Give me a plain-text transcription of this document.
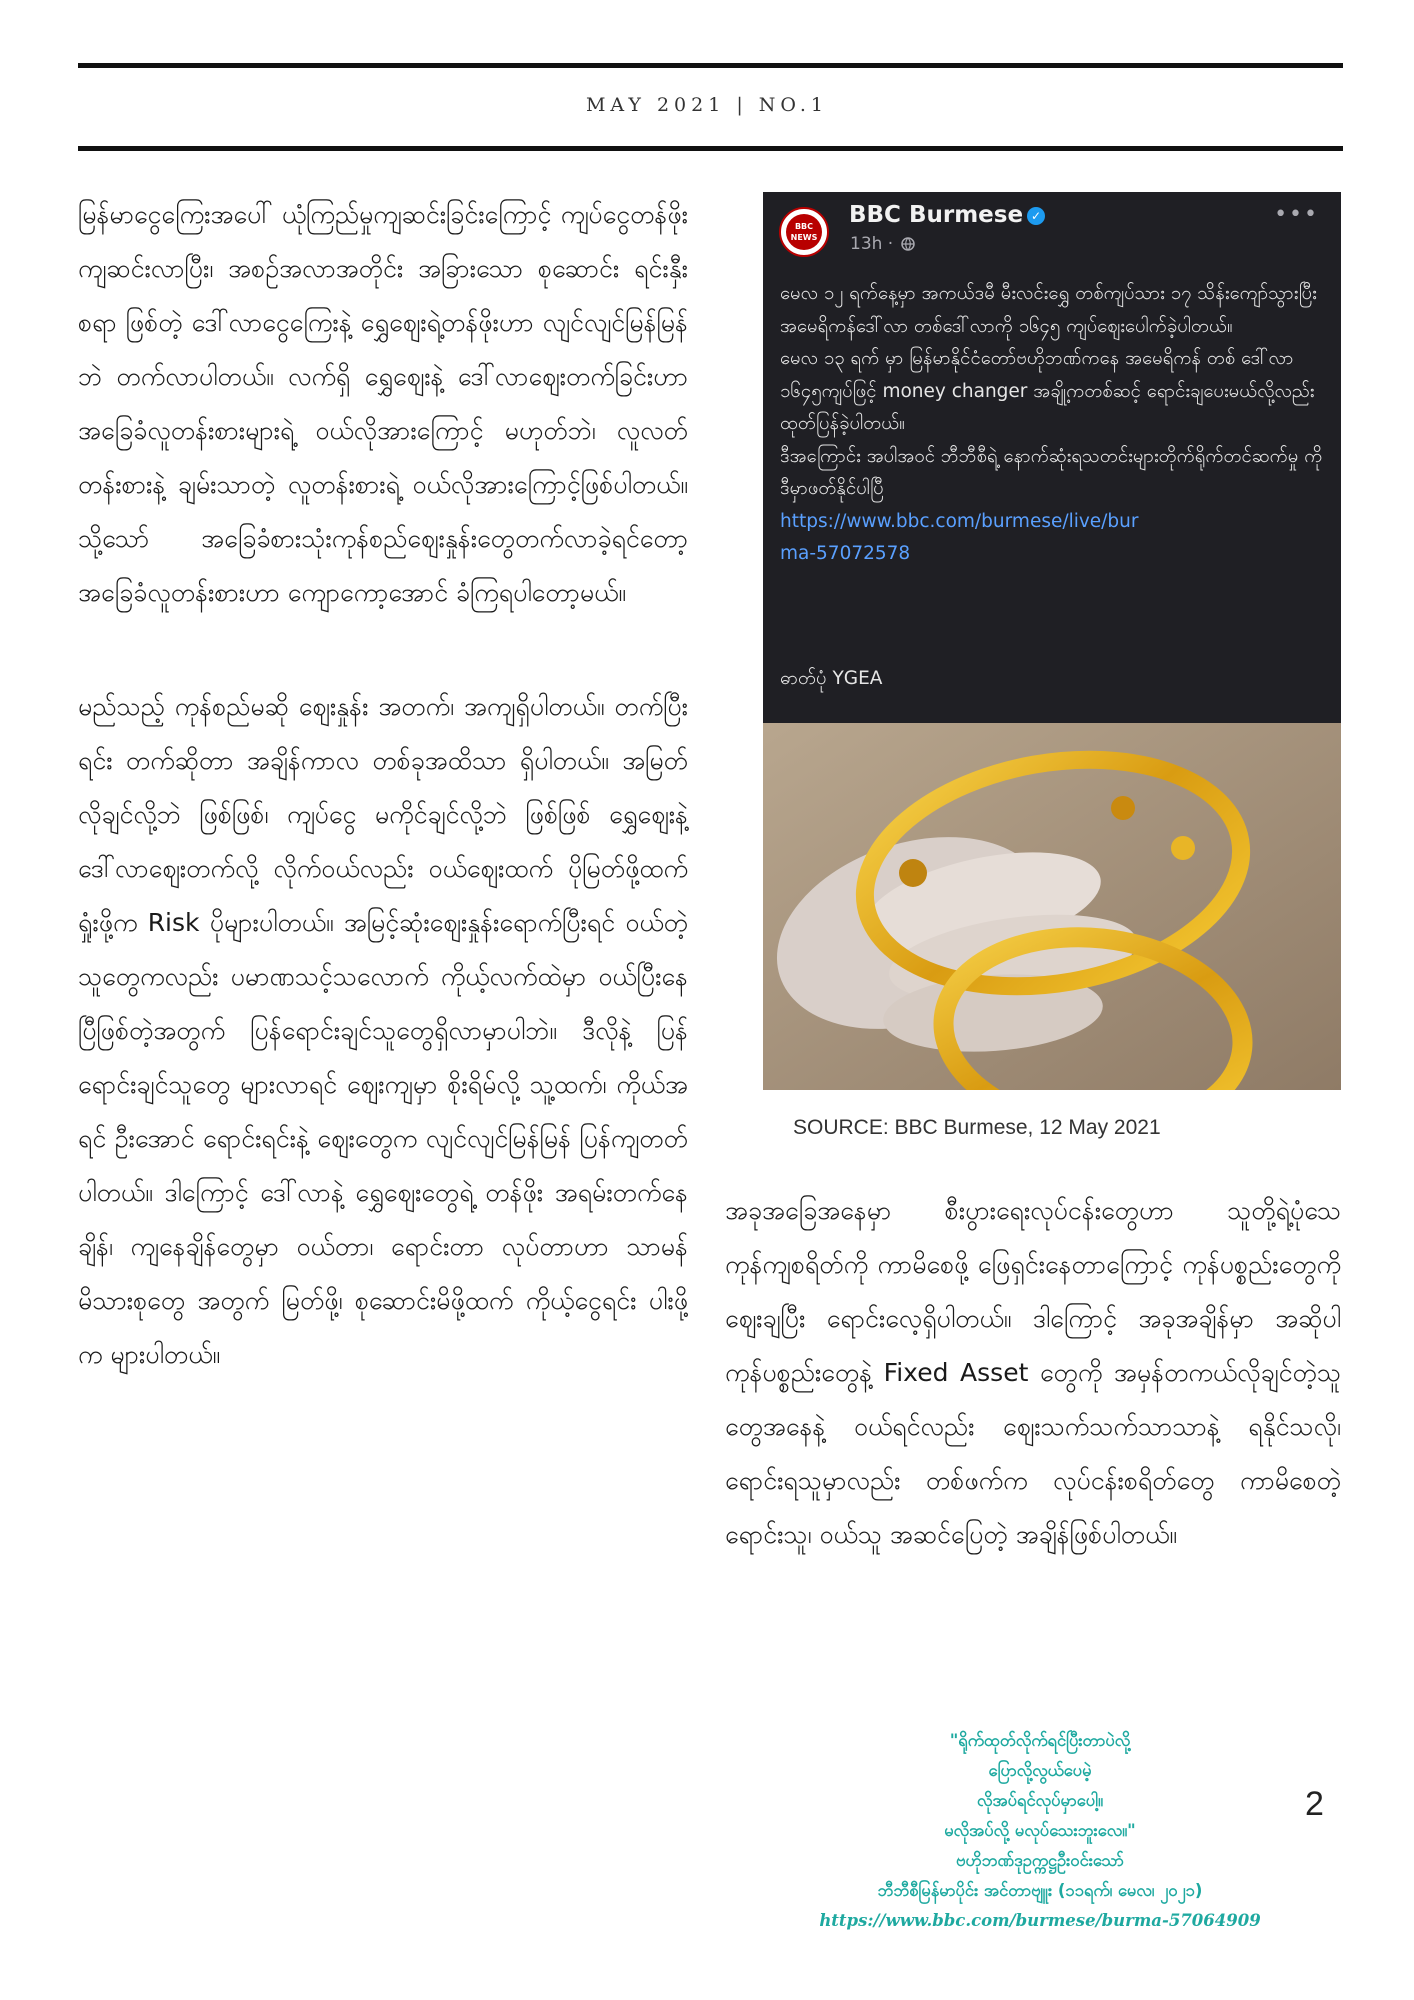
MAY 2021 | NO.1

မြန်မာငွေကြေးအပေါ် ယုံကြည်မှုကျဆင်းခြင်းကြောင့် ကျပ်ငွေတန်ဖိုး ကျဆင်းလာပြီး၊ အစဉ်အလာအတိုင်း အခြားသော စုဆောင်း ရင်းနှီးစရာ ဖြစ်တဲ့ ဒေါ်လာငွေကြေးနဲ့ ရွှေဈေးရဲ့တန်ဖိုးဟာ လျင်လျင်မြန်မြန်ဘဲ တက်လာပါတယ်။ လက်ရှိ ရွှေဈေးနဲ့ ဒေါ်လာဈေးတက်ခြင်းဟာ အခြေခံလူတန်းစားများရဲ့ ဝယ်လိုအားကြောင့် မဟုတ်ဘဲ၊ လူလတ်တန်းစားနဲ့ ချမ်းသာတဲ့ လူတန်းစားရဲ့ ဝယ်လိုအားကြောင့်ဖြစ်ပါတယ်။ သို့သော် အခြေခံစားသုံးကုန်စည်ဈေးနှုန်းတွေတက်လာခဲ့ရင်တော့ အခြေခံလူတန်းစားဟာ ကျောကော့အောင် ခံကြရပါတော့မယ်။

မည်သည့် ကုန်စည်မဆို ဈေးနှုန်း အတက်၊ အကျရှိပါတယ်။ တက်ပြီးရင်း တက်ဆိုတာ အချိန်ကာလ တစ်ခုအထိသာ ရှိပါတယ်။ အမြတ်လိုချင်လို့ဘဲ ဖြစ်ဖြစ်၊ ကျပ်ငွေ မကိုင်ချင်လို့ဘဲ ဖြစ်ဖြစ် ရွှေဈေးနဲ့ ဒေါ်လာဈေးတက်လို့ လိုက်ဝယ်လည်း ဝယ်ဈေးထက် ပိုမြတ်ဖို့ထက် ရှုံးဖို့က Risk ပိုများပါတယ်။ အမြင့်ဆုံးဈေးနှုန်းရောက်ပြီးရင် ဝယ်တဲ့သူတွေကလည်း ပမာဏသင့်သလောက် ကိုယ့်လက်ထဲမှာ ဝယ်ပြီးနေပြီဖြစ်တဲ့အတွက် ပြန်ရောင်းချင်သူတွေရှိလာမှာပါဘဲ။ ဒီလိုနဲ့ ပြန်ရောင်းချင်သူတွေ များလာရင် ဈေးကျမှာ စိုးရိမ်လို့ သူ့ထက်၊ ကိုယ်အရင် ဦးအောင် ရောင်းရင်းနဲ့ ဈေးတွေက လျင်လျင်မြန်မြန် ပြန်ကျတတ်ပါတယ်။ ဒါကြောင့် ဒေါ်လာနဲ့ ရွှေဈေးတွေရဲ့ တန်ဖိုး အရမ်းတက်နေချိန်၊ ကျနေချိန်တွေမှာ ဝယ်တာ၊ ရောင်းတာ လုပ်တာဟာ သာမန်မိသားစုတွေ အတွက် မြတ်ဖို့၊ စုဆောင်းမိဖို့ထက် ကိုယ့်ငွေရင်း ပါးဖို့က များပါတယ်။

BBC
NEWS
BBC Burmese ✓
13h ·
•••
မေလ ၁၂ ရက်နေ့မှာ အကယ်ဒမီ မီးလင်းရွှေ တစ်ကျပ်သား ၁၇ သိန်းကျော်သွားပြီး အမေရိကန်ဒေါ်လာ တစ်ဒေါ်လာကို ၁၆၄၅ ကျပ်ဈေးပေါက်ခဲ့ပါတယ်။
မေလ ၁၃ ရက် မှာ မြန်မာနိုင်ငံတော်ဗဟိုဘဏ်ကနေ အမေရိကန် တစ် ဒေါ်လာ ၁၆၄၅ကျပ်ဖြင့် money changer အချို့ကတစ်ဆင့် ရောင်းချပေးမယ်လို့လည်း ထုတ်ပြန်ခဲ့ပါတယ်။
ဒီအကြောင်း အပါအဝင် ဘီဘီစီရဲ့ နောက်ဆုံးရသတင်းများတိုက်ရိုက်တင်ဆက်မှု ကိုဒီမှာဖတ်နိုင်ပါပြီ
https://www.bbc.com/burmese/live/burma-57072578
ဓာတ်ပုံ YGEA
SOURCE: BBC Burmese, 12 May 2021

အခုအခြေအနေမှာ စီးပွားရေးလုပ်ငန်းတွေဟာ သူတို့ရဲ့ပုံသေကုန်ကျစရိတ်ကို ကာမိစေဖို့ ဖြေရှင်းနေတာကြောင့် ကုန်ပစ္စည်းတွေကို ဈေးချပြီး ရောင်းလေ့ရှိပါတယ်။ ဒါကြောင့် အခုအချိန်မှာ အဆိုပါ ကုန်ပစ္စည်းတွေနဲ့ Fixed Asset တွေကို အမှန်တကယ်လိုချင်တဲ့သူတွေအနေနဲ့ ဝယ်ရင်လည်း ဈေးသက်သက်သာသာနဲ့ ရနိုင်သလို၊ ရောင်းရသူမှာလည်း တစ်ဖက်က လုပ်ငန်းစရိတ်တွေ ကာမိစေတဲ့ ရောင်းသူ၊ ဝယ်သူ အဆင်ပြေတဲ့ အချိန်ဖြစ်ပါတယ်။

"ရိုက်ထုတ်လိုက်ရင်ပြီးတာပဲလို့
ပြောလို့လွယ်ပေမဲ့
လိုအပ်ရင်လုပ်မှာပေါ့။
မလိုအပ်လို့ မလုပ်သေးဘူးလေ။"
ဗဟိုဘဏ်ဒုဥက္ကဋ္ဌဦးဝင်းသော်
ဘီဘီစီမြန်မာပိုင်း အင်တာဗျူး (၁၁ရက်၊ မေလ၊ ၂၀၂၁)
https://www.bbc.com/burmese/burma-57064909
2
